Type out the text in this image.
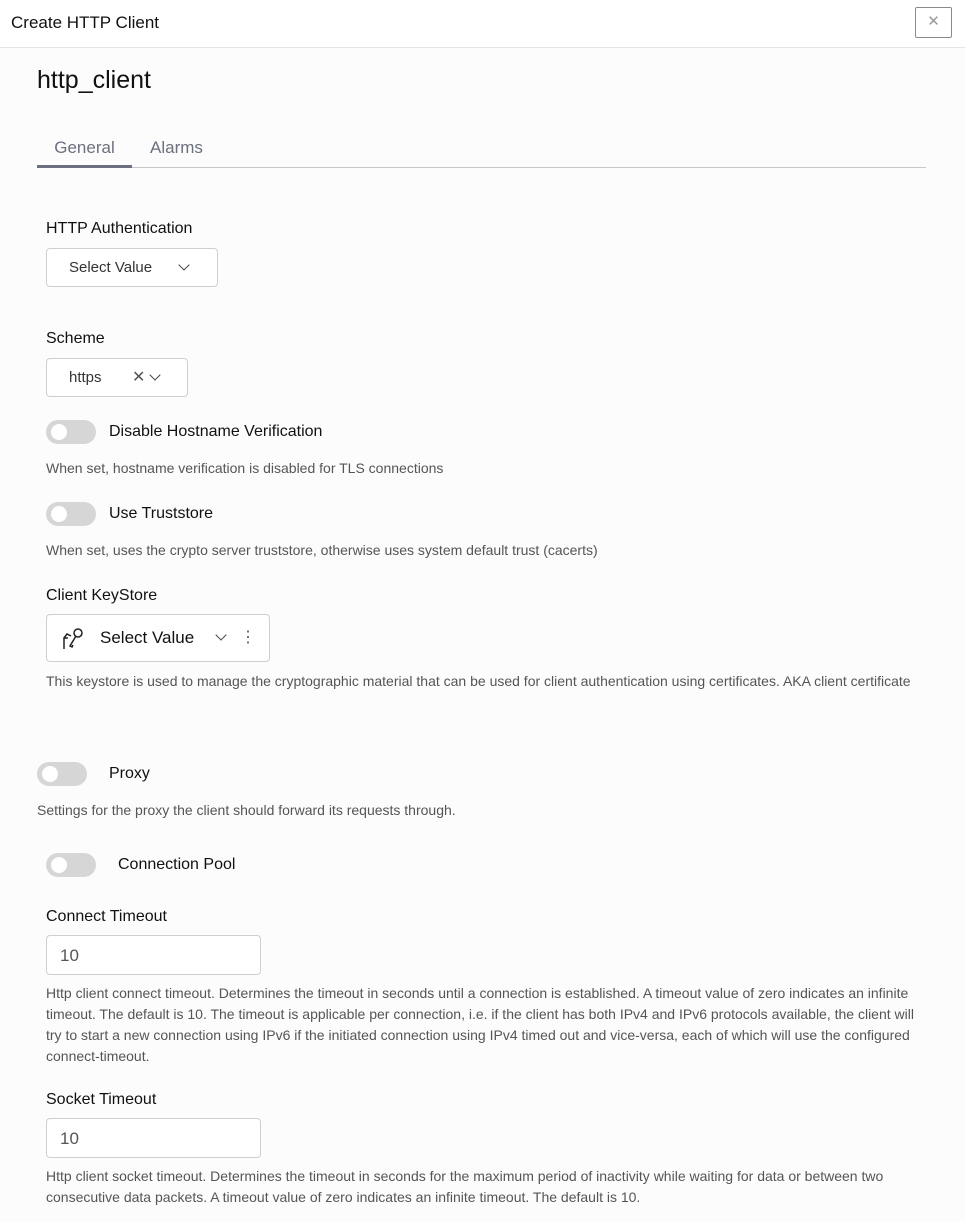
Create HTTP Client	✕
http_client
General	Alarms
HTTP Authentication
Select Value
Scheme
https ✕
Disable Hostname Verification
When set, hostname verification is disabled for TLS connections
Use Truststore
When set, uses the crypto server truststore, otherwise uses system default trust (cacerts)
Client KeyStore
Select Value	⋮
This keystore is used to manage the cryptographic material that can be used for client authentication using certificates. AKA client certificate
Proxy
Settings for the proxy the client should forward its requests through.
Connection Pool
Connect Timeout
10
Http client connect timeout. Determines the timeout in seconds until a connection is established. A timeout value of zero indicates an infinite timeout. The default is 10. The timeout is applicable per connection, i.e. if the client has both IPv4 and IPv6 protocols available, the client will try to start a new connection using IPv6 if the initiated connection using IPv4 timed out and vice-versa, each of which will use the configured connect-timeout.
Socket Timeout
10
Http client socket timeout. Determines the timeout in seconds for the maximum period of inactivity while waiting for data or between two consecutive data packets. A timeout value of zero indicates an infinite timeout. The default is 10.
